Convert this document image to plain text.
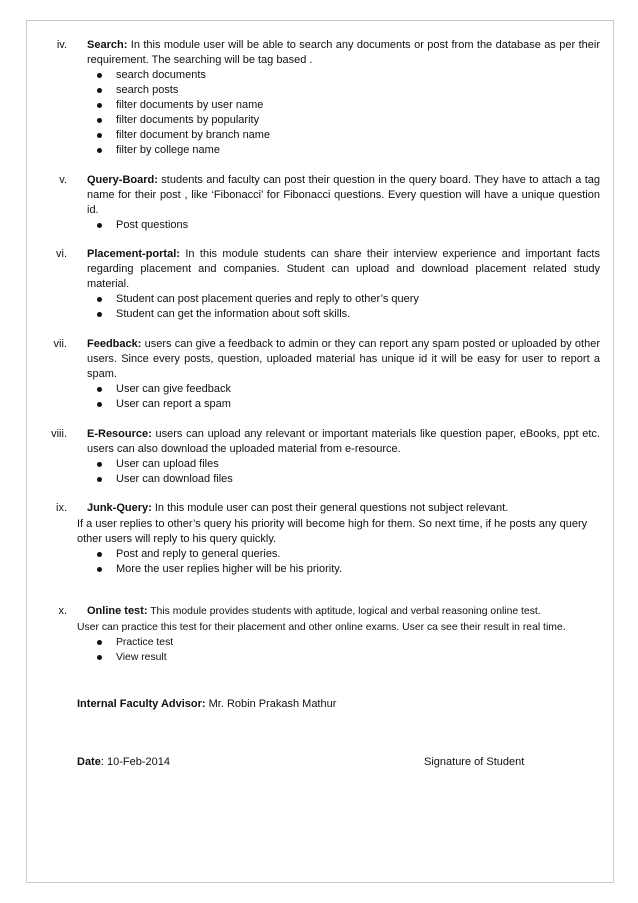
iv. Search: In this module user will be able to search any documents or post from the database as per their requirement. The searching will be tag based .
search documents
search posts
filter documents by user name
filter documents by popularity
filter document by branch name
filter by college name
v. Query-Board: students and faculty can post their question in the query board. They have to attach a tag name for their post , like ‘Fibonacci’ for Fibonacci questions. Every question will have a unique question id.
Post questions
vi. Placement-portal: In this module students can share their interview experience and important facts regarding placement and companies. Student can upload and download placement related study material.
Student can post placement queries and reply to other’s query
Student can get the information about soft skills.
vii. Feedback: users can give a feedback to admin or they can report any spam posted or uploaded by other users. Since every posts, question, uploaded material has unique id it will be easy for user to report a spam.
User can give feedback
User can report a spam
viii. E-Resource: users can upload any relevant or important materials like question paper, eBooks, ppt etc. users can also download the uploaded material from e-resource.
User can upload files
User can download files
ix. Junk-Query: In this module user can post their general questions not subject relevant.
If a user replies to other’s query his priority will become high for them. So next time, if he posts any query other users will reply to his query quickly.
Post and reply to general queries.
More the user replies higher will be his priority.
x. Online test: This module provides students with aptitude, logical and verbal reasoning online test.
User can practice this test for their placement and other online exams. User ca see their result in real time.
Practice test
View result
Internal Faculty Advisor: Mr. Robin Prakash Mathur
Date: 10-Feb-2014	Signature of Student
